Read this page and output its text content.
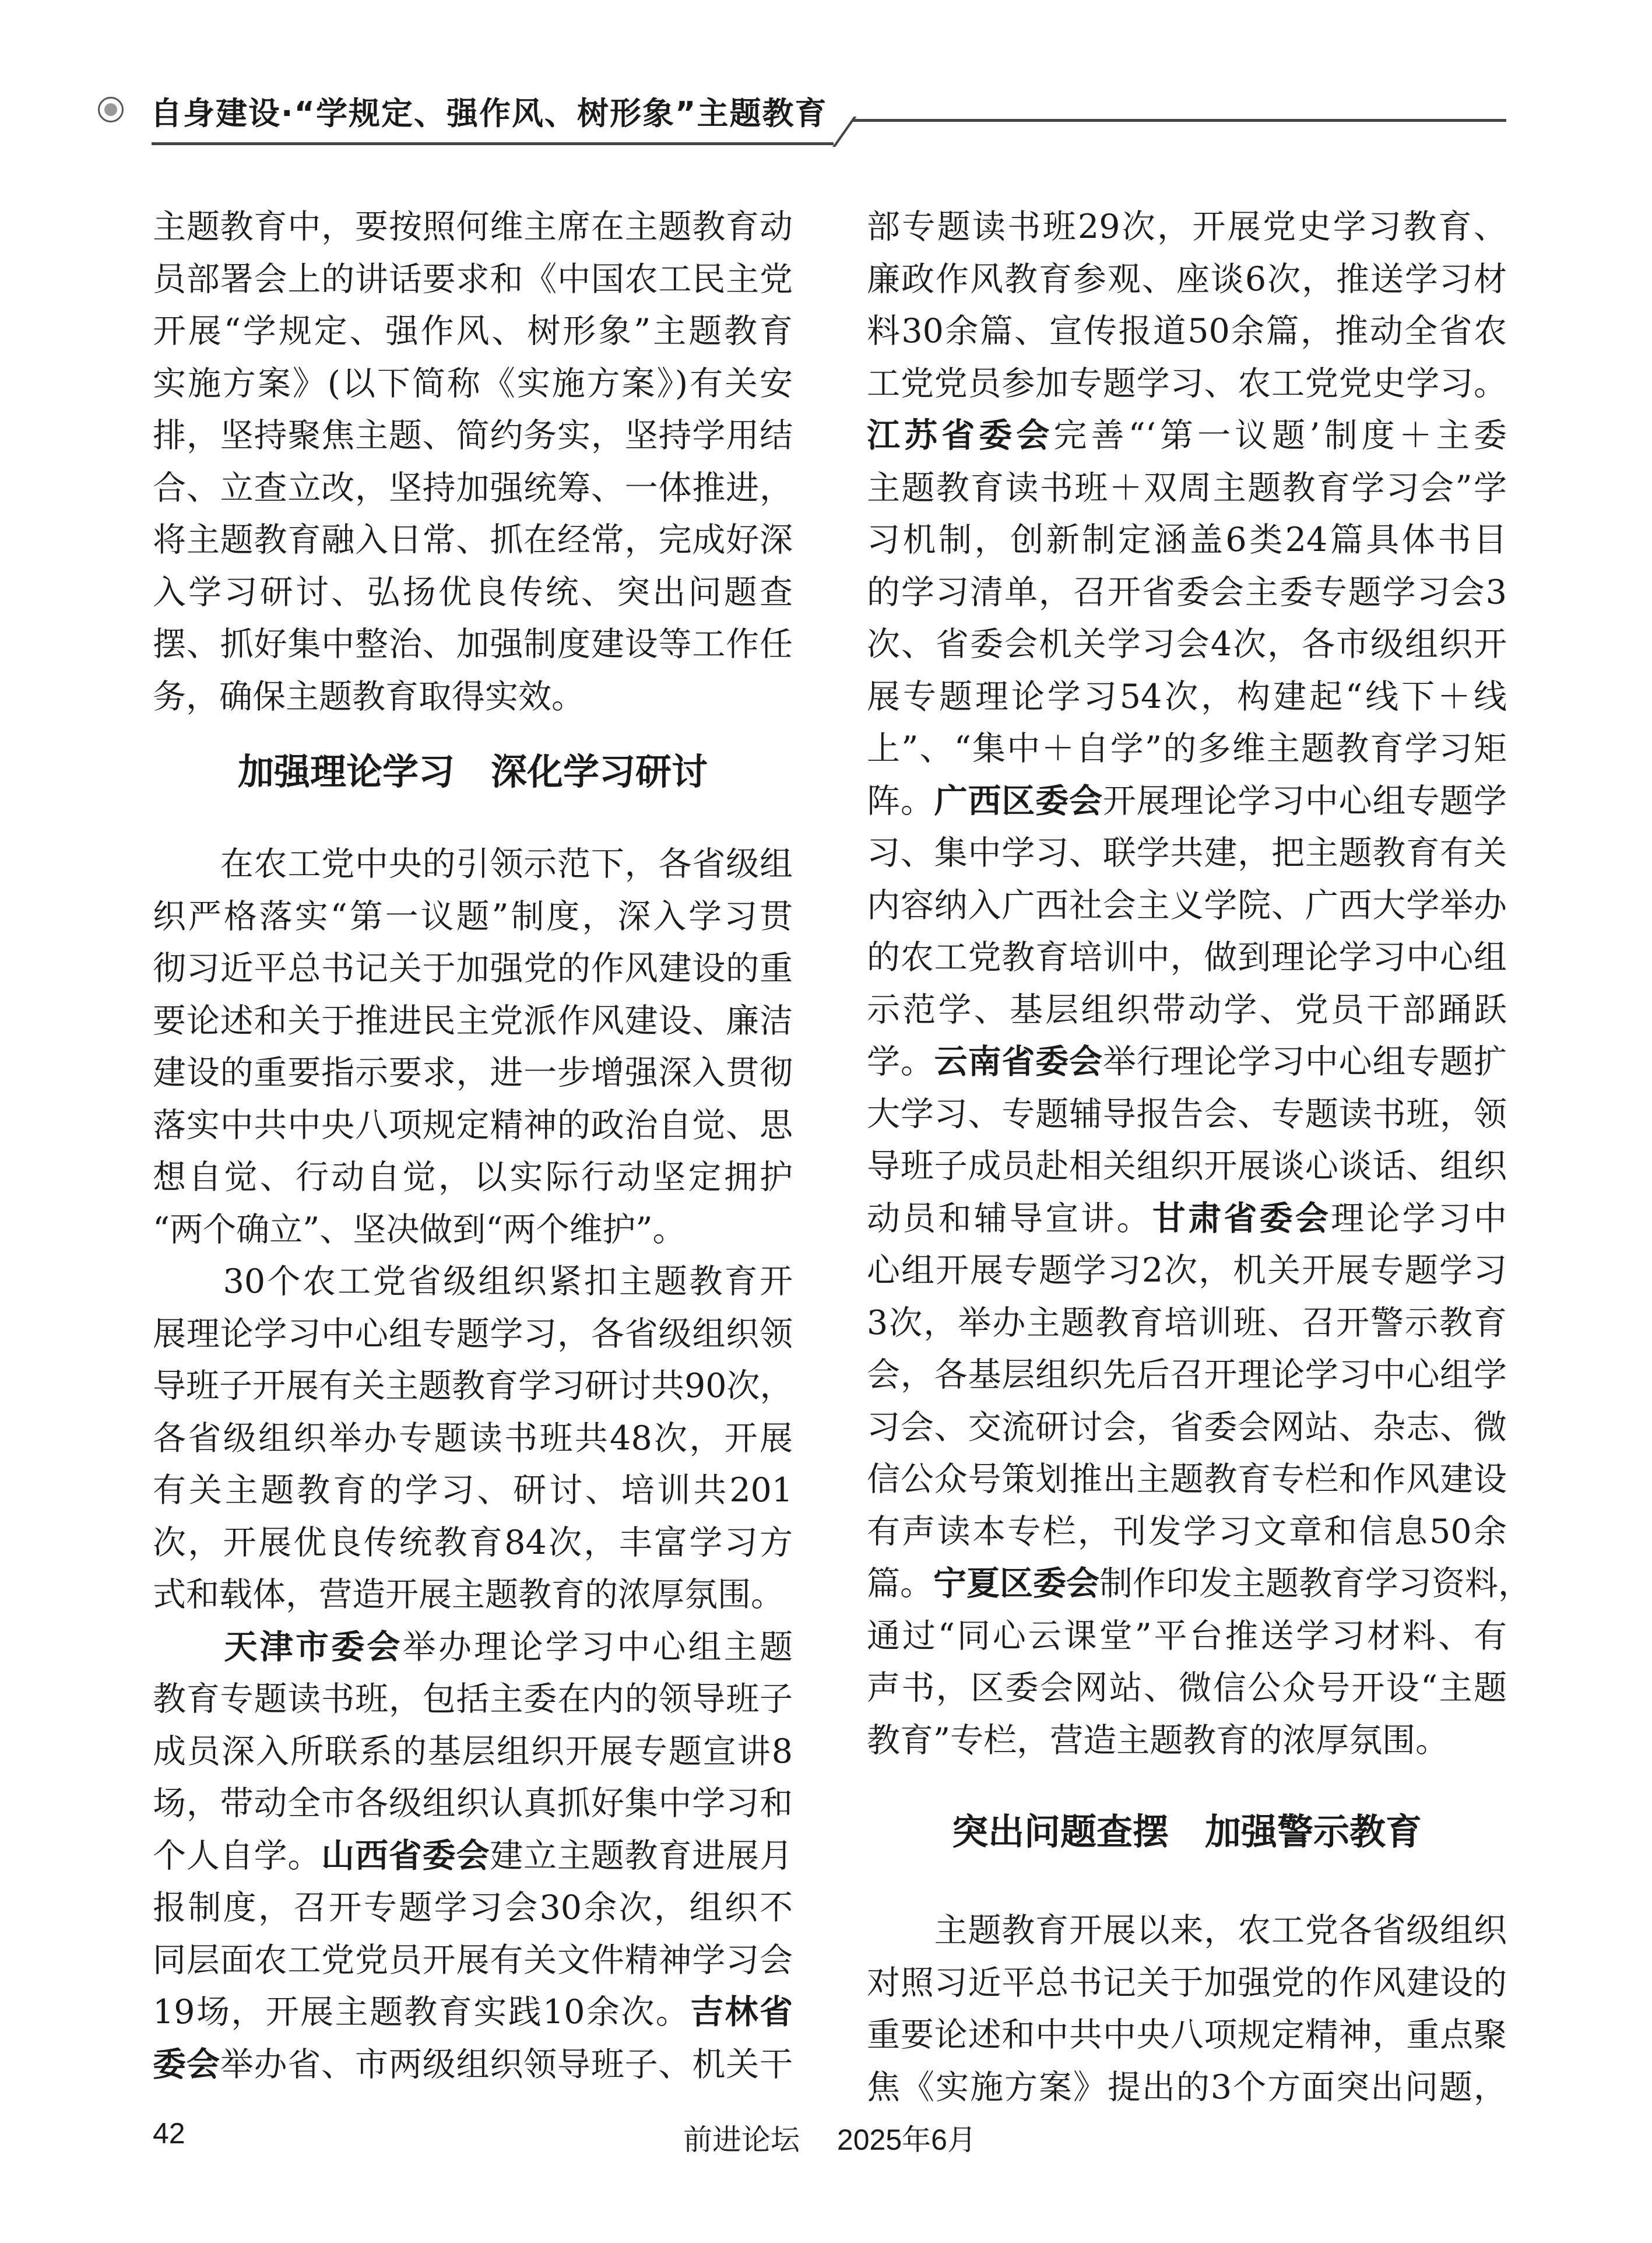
自身建设·“学规定、强作风、树形象”主题教育
主题教育中，要按照何维主席在主题教育动
员部署会上的讲话要求和《中国农工民主党
开展“学规定、强作风、树形象”主题教育
实施方案》(以下简称《实施方案》)有关安
排，坚持聚焦主题、简约务实，坚持学用结
合、立查立改，坚持加强统筹、一体推进，
将主题教育融入日常、抓在经常，完成好深
入学习研讨、弘扬优良传统、突出问题查
摆、抓好集中整治、加强制度建设等工作任
务，确保主题教育取得实效。
加强理论学习　深化学习研讨
　　在农工党中央的引领示范下，各省级组
织严格落实“第一议题”制度，深入学习贯
彻习近平总书记关于加强党的作风建设的重
要论述和关于推进民主党派作风建设、廉洁
建设的重要指示要求，进一步增强深入贯彻
落实中共中央八项规定精神的政治自觉、思
想自觉、行动自觉，以实际行动坚定拥护
“两个确立”、坚决做到“两个维护”。
　　30个农工党省级组织紧扣主题教育开
展理论学习中心组专题学习，各省级组织领
导班子开展有关主题教育学习研讨共90次，
各省级组织举办专题读书班共48次，开展
有关主题教育的学习、研讨、培训共201
次，开展优良传统教育84次，丰富学习方
式和载体，营造开展主题教育的浓厚氛围。
　　天津市委会举办理论学习中心组主题
教育专题读书班，包括主委在内的领导班子
成员深入所联系的基层组织开展专题宣讲8
场，带动全市各级组织认真抓好集中学习和
个人自学。山西省委会建立主题教育进展月
报制度，召开专题学习会30余次，组织不
同层面农工党党员开展有关文件精神学习会
19场，开展主题教育实践10余次。吉林省
委会举办省、市两级组织领导班子、机关干
部专题读书班29次，开展党史学习教育、
廉政作风教育参观、座谈6次，推送学习材
料30余篇、宣传报道50余篇，推动全省农
工党党员参加专题学习、农工党党史学习。
江苏省委会完善“‘第一议题’制度＋主委
主题教育读书班＋双周主题教育学习会”学
习机制，创新制定涵盖6类24篇具体书目
的学习清单，召开省委会主委专题学习会3
次、省委会机关学习会4次，各市级组织开
展专题理论学习54次，构建起“线下＋线
上”、“集中＋自学”的多维主题教育学习矩
阵。广西区委会开展理论学习中心组专题学
习、集中学习、联学共建，把主题教育有关
内容纳入广西社会主义学院、广西大学举办
的农工党教育培训中，做到理论学习中心组
示范学、基层组织带动学、党员干部踊跃
学。云南省委会举行理论学习中心组专题扩
大学习、专题辅导报告会、专题读书班，领
导班子成员赴相关组织开展谈心谈话、组织
动员和辅导宣讲。甘肃省委会理论学习中
心组开展专题学习2次，机关开展专题学习
3次，举办主题教育培训班、召开警示教育
会，各基层组织先后召开理论学习中心组学
习会、交流研讨会，省委会网站、杂志、微
信公众号策划推出主题教育专栏和作风建设
有声读本专栏，刊发学习文章和信息50余
篇。宁夏区委会制作印发主题教育学习资料，
通过“同心云课堂”平台推送学习材料、有
声书，区委会网站、微信公众号开设“主题
教育”专栏，营造主题教育的浓厚氛围。
突出问题查摆　加强警示教育
　　主题教育开展以来，农工党各省级组织
对照习近平总书记关于加强党的作风建设的
重要论述和中共中央八项规定精神，重点聚
焦《实施方案》提出的3个方面突出问题，
42	前进论坛　 2025年6月
